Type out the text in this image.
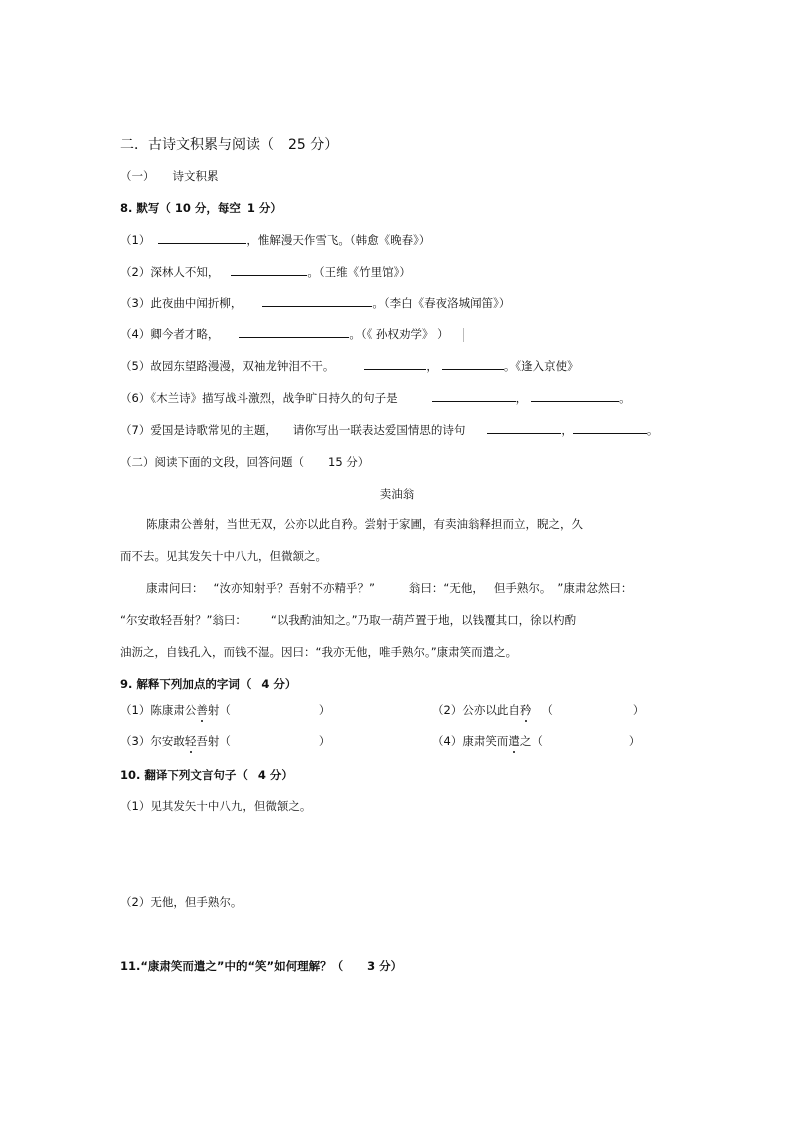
二．古诗文积累与阅读（ 25 分）
（一） 诗文积累
8. 默写（ 10 分，每空 1 分）
（1）	，惟解漫天作雪飞。（韩愈《晚春》）
（2）深林人不知，	。（王维《竹里馆》）
（3）此夜曲中闻折柳，	。（李白《春夜洛城闻笛》）
（4）卿今者才略，	。（《 孙权劝学》 ）
（5）故园东望路漫漫，双袖龙钟泪不干。	，	。《逢入京使》
（6）《木兰诗》描写战斗激烈，战争旷日持久的句子是	，	。
（7）爱国是诗歌常见的主题， 请你写出一联表达爱国情思的诗句	，	。
（二）阅读下面的文段，回答问题（ 15 分）
卖油翁
陈康肃公善射，当世无双，公亦以此自矜。尝射于家圃，有卖油翁释担而立，睨之，久
而不去。见其发矢十中八九，但微颔之。
康肃问曰： “汝亦知射乎？吾射不亦精乎？”	翁曰：“无他， 但手熟尔。 ”康肃忿然曰：
“尔安敢轻吾射？”翁曰： “以我酌油知之。”乃取一葫芦置于地，以钱覆其口，徐以杓酌
油沥之，自钱孔入，而钱不湿。因曰：“我亦无他，唯手熟尔。”康肃笑而遣之。
9. 解释下列加点的字词（ 4 分）
（1）陈康肃公善射（	）	（2）公亦以此自矜 （	）
（3）尔安敢轻吾射（	）	（4）康肃笑而遣之（	）
10. 翻译下列文言句子（ 4 分）
（1）见其发矢十中八九，但微颔之。
（2）无他，但手熟尔。
11.“康肃笑而遣之”中的“笑”如何理解？（ 3 分）
